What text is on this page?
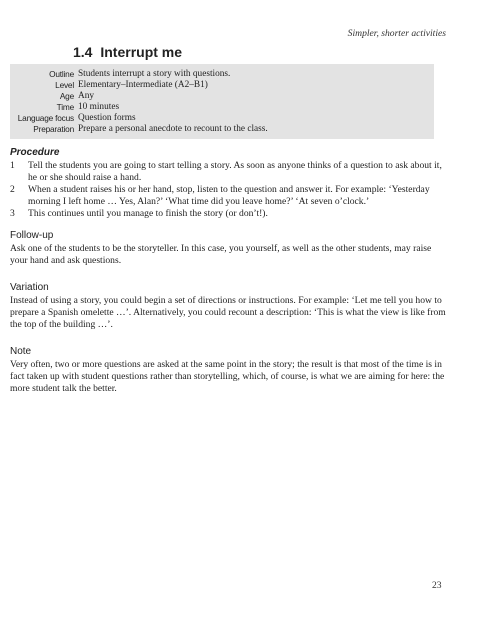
Simpler, shorter activities
1.4 Interrupt me
Outline Students interrupt a story with questions.
Level Elementary–Intermediate (A2–B1)
Age Any
Time 10 minutes
Language focus Question forms
Preparation Prepare a personal anecdote to recount to the class.
Procedure
1 Tell the students you are going to start telling a story. As soon as anyone thinks of a question to ask about it, he or she should raise a hand.
2 When a student raises his or her hand, stop, listen to the question and answer it. For example: ‘Yesterday morning I left home … Yes, Alan?’ ‘What time did you leave home?’ ‘At seven o’clock.’
3 This continues until you manage to finish the story (or don’t!).
Follow-up
Ask one of the students to be the storyteller. In this case, you yourself, as well as the other students, may raise your hand and ask questions.
Variation
Instead of using a story, you could begin a set of directions or instructions. For example: ‘Let me tell you how to prepare a Spanish omelette …’. Alternatively, you could recount a description: ‘This is what the view is like from the top of the building …’.
Note
Very often, two or more questions are asked at the same point in the story; the result is that most of the time is in fact taken up with student questions rather than storytelling, which, of course, is what we are aiming for here: the more student talk the better.
23
